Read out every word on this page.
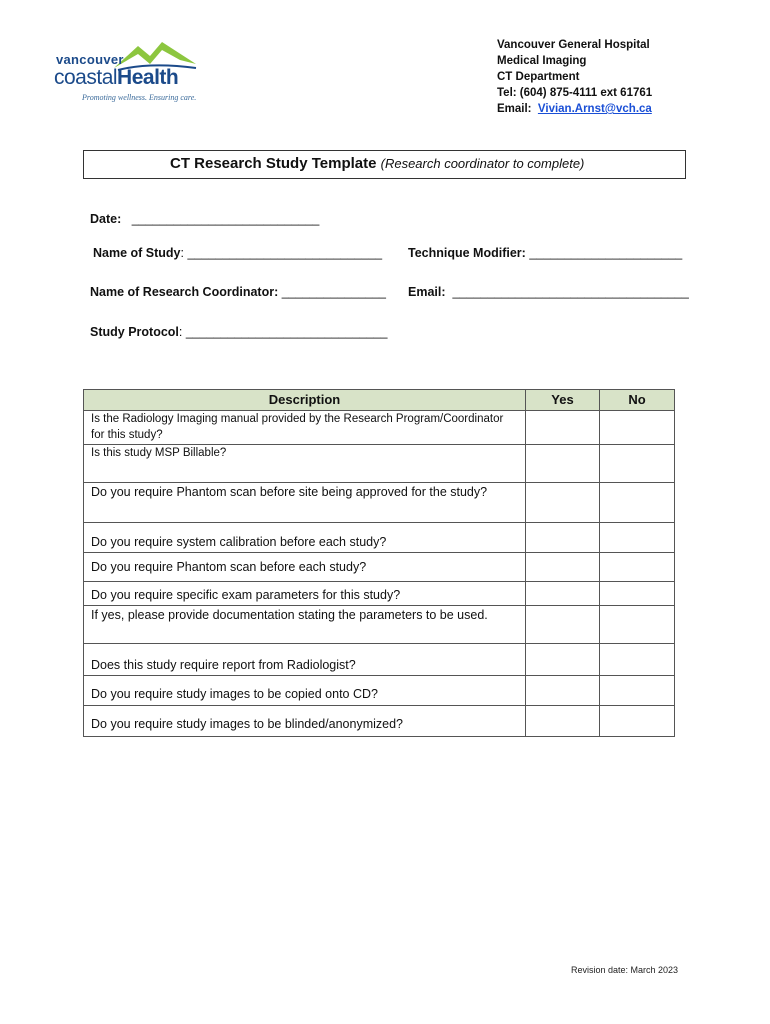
vancouver
coastalHealth
Promoting wellness. Ensuring care.
Vancouver General Hospital
Medical Imaging
CT Department
Tel: (604) 875-4111 ext 61761
Email: Vivian.Arnst@vch.ca
CT Research Study Template (Research coordinator to complete)
Date: ___________________________
Name of Study: ____________________________ Technique Modifier: ______________________
Name of Research Coordinator: _______________ Email: __________________________________
Study Protocol: _____________________________
Description	Yes	No
Is the Radiology Imaging manual provided by the Research Program/Coordinator for this study?		
Is this study MSP Billable?		
Do you require Phantom scan before site being approved for the study?		
Do you require system calibration before each study?		
Do you require Phantom scan before each study?		
Do you require specific exam parameters for this study?		
If yes, please provide documentation stating the parameters to be used.		
Does this study require report from Radiologist?		
Do you require study images to be copied onto CD?		
Do you require study images to be blinded/anonymized?		
Revision date: March 2023
